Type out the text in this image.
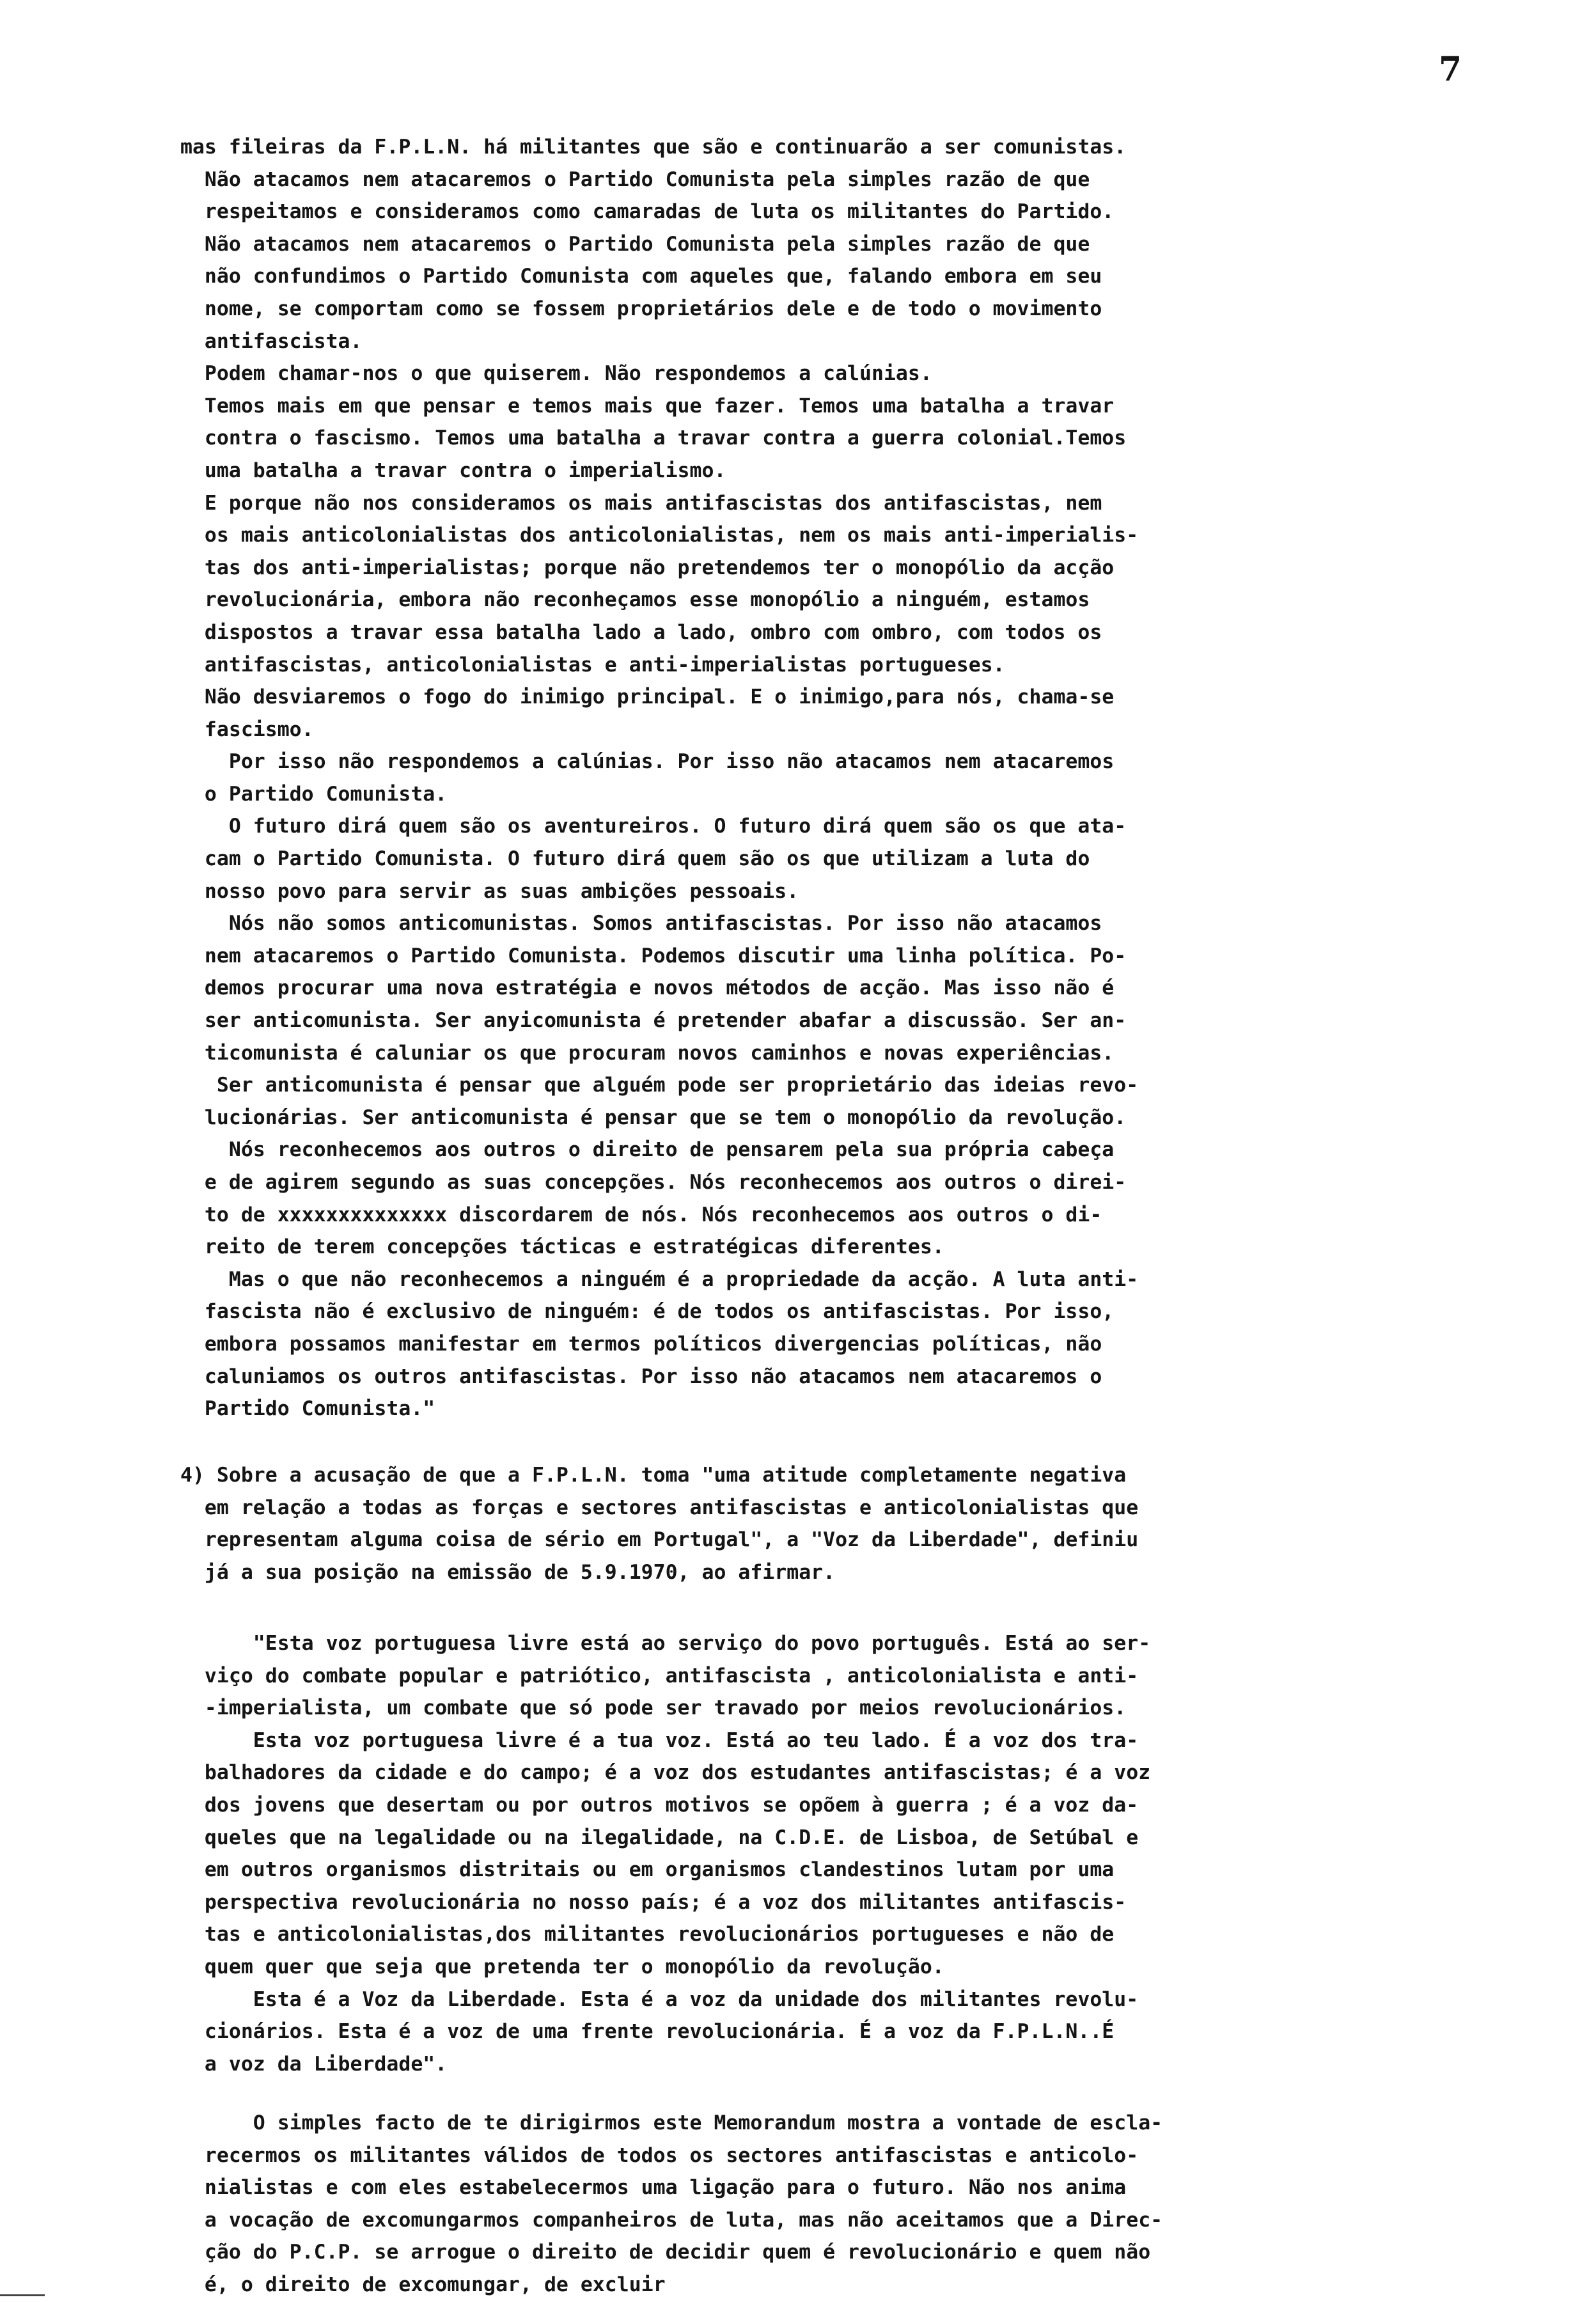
7
mas fileiras da F.P.L.N. há militantes que são e continuarão a ser comunistas.
Não atacamos nem atacaremos o Partido Comunista pela simples razão de que
respeitamos e consideramos como camaradas de luta os militantes do Partido.
Não atacamos nem atacaremos o Partido Comunista pela simples razão de que
não confundimos o Partido Comunista com aqueles que, falando embora em seu
nome, se comportam como se fossem proprietários dele e de todo o movimento
antifascista.
Podem chamar-nos o que quiserem. Não respondemos a calúnias.
Temos mais em que pensar e temos mais que fazer. Temos uma batalha a travar
contra o fascismo. Temos uma batalha a travar contra a guerra colonial.Temos
uma batalha a travar contra o imperialismo.
E porque não nos consideramos os mais antifascistas dos antifascistas, nem
os mais anticolonialistas dos anticolonialistas, nem os mais anti-imperialis-
tas dos anti-imperialistas; porque não pretendemos ter o monopólio da acção
revolucionária, embora não reconheçamos esse monopólio a ninguém, estamos
dispostos a travar essa batalha lado a lado, ombro com ombro, com todos os
antifascistas, anticolonialistas e anti-imperialistas portugueses.
Não desviaremos o fogo do inimigo principal. E o inimigo,para nós, chama-se
fascismo.
Por isso não respondemos a calúnias. Por isso não atacamos nem atacaremos
o Partido Comunista.
O futuro dirá quem são os aventureiros. O futuro dirá quem são os que ata-
cam o Partido Comunista. O futuro dirá quem são os que utilizam a luta do
nosso povo para servir as suas ambições pessoais.
Nós não somos anticomunistas. Somos antifascistas. Por isso não atacamos
nem atacaremos o Partido Comunista. Podemos discutir uma linha política. Po-
demos procurar uma nova estratégia e novos métodos de acção. Mas isso não é
ser anticomunista. Ser anyicomunista é pretender abafar a discussão. Ser an-
ticomunista é caluniar os que procuram novos caminhos e novas experiências.
Ser anticomunista é pensar que alguém pode ser proprietário das ideias revo-
lucionárias. Ser anticomunista é pensar que se tem o monopólio da revolução.
Nós reconhecemos aos outros o direito de pensarem pela sua própria cabeça
e de agirem segundo as suas concepções. Nós reconhecemos aos outros o direi-
to de xxxxxxxxxxxxxx discordarem de nós. Nós reconhecemos aos outros o di-
reito de terem concepções tácticas e estratégicas diferentes.
Mas o que não reconhecemos a ninguém é a propriedade da acção. A luta anti-
fascista não é exclusivo de ninguém: é de todos os antifascistas. Por isso,
embora possamos manifestar em termos políticos divergencias políticas, não
caluniamos os outros antifascistas. Por isso não atacamos nem atacaremos o
Partido Comunista."
4) Sobre a acusação de que a F.P.L.N. toma "uma atitude completamente negativa
em relação a todas as forças e sectores antifascistas e anticolonialistas que
representam alguma coisa de sério em Portugal", a "Voz da Liberdade", definiu
já a sua posição na emissão de 5.9.1970, ao afirmar.
"Esta voz portuguesa livre está ao serviço do povo português. Está ao ser-
viço do combate popular e patriótico, antifascista , anticolonialista e anti-
-imperialista, um combate que só pode ser travado por meios revolucionários.
Esta voz portuguesa livre é a tua voz. Está ao teu lado. É a voz dos tra-
balhadores da cidade e do campo; é a voz dos estudantes antifascistas; é a voz
dos jovens que desertam ou por outros motivos se opõem à guerra ; é a voz da-
queles que na legalidade ou na ilegalidade, na C.D.E. de Lisboa, de Setúbal e
em outros organismos distritais ou em organismos clandestinos lutam por uma
perspectiva revolucionária no nosso país; é a voz dos militantes antifascis-
tas e anticolonialistas,dos militantes revolucionários portugueses e não de
quem quer que seja que pretenda ter o monopólio da revolução.
Esta é a Voz da Liberdade. Esta é a voz da unidade dos militantes revolu-
cionários. Esta é a voz de uma frente revolucionária. É a voz da F.P.L.N..É
a voz da Liberdade".
O simples facto de te dirigirmos este Memorandum mostra a vontade de escla-
recermos os militantes válidos de todos os sectores antifascistas e anticolo-
nialistas e com eles estabelecermos uma ligação para o futuro. Não nos anima
a vocação de excomungarmos companheiros de luta, mas não aceitamos que a Direc-
ção do P.C.P. se arrogue o direito de decidir quem é revolucionário e quem não
é, o direito de excomungar, de excluir
